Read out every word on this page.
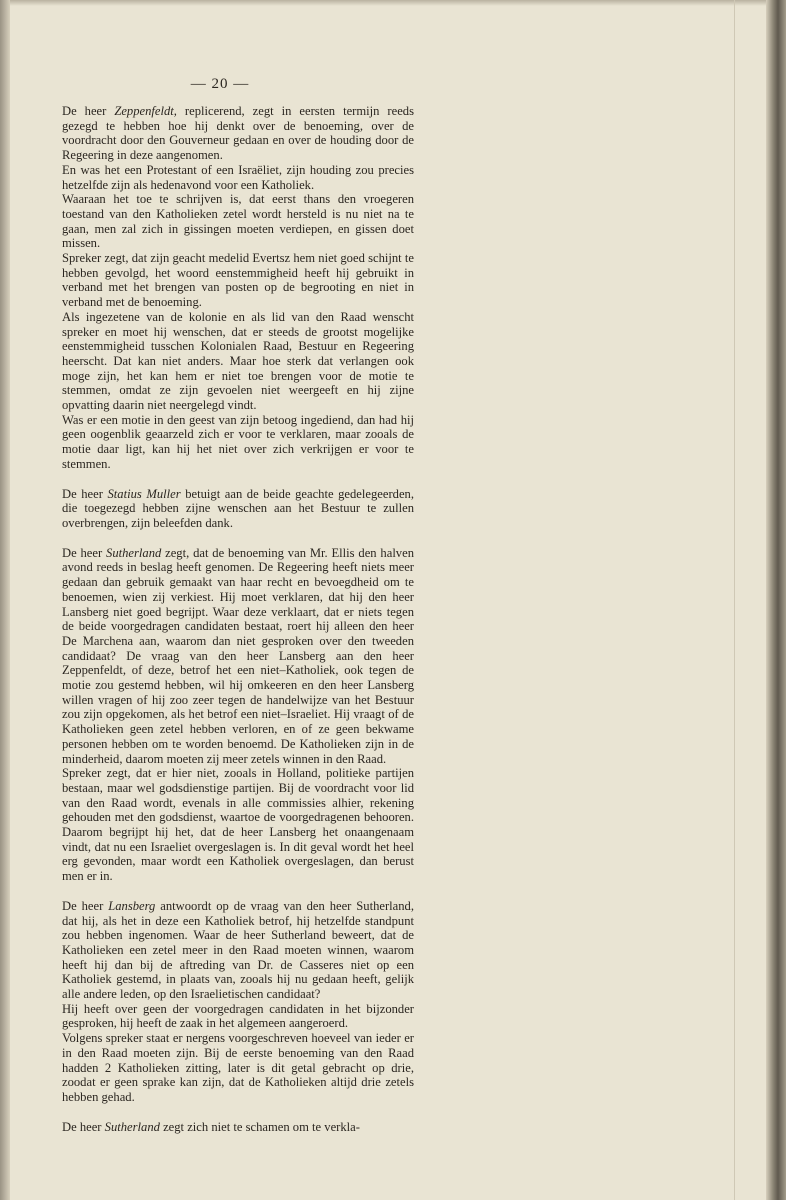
— 20 —

De heer Zeppenfeldt, replicerend, zegt in eersten termijn reeds gezegd te hebben hoe hij denkt over de benoeming, over de voordracht door den Gouverneur gedaan en over de houding door de Regeering in deze aangenomen.

En was het een Protestant of een Israëliet, zijn houding zou precies hetzelfde zijn als hedenavond voor een Katholiek.

Waaraan het toe te schrijven is, dat eerst thans den vroegeren toestand van den Katholieken zetel wordt hersteld is nu niet na te gaan, men zal zich in gissingen moeten verdiepen, en gissen doet missen.

Spreker zegt, dat zijn geacht medelid Evertsz hem niet goed schijnt te hebben gevolgd, het woord eenstemmigheid heeft hij gebruikt in verband met het brengen van posten op de begrooting en niet in verband met de benoeming.

Als ingezetene van de kolonie en als lid van den Raad wenscht spreker en moet hij wenschen, dat er steeds de grootst mogelijke eenstemmigheid tusschen Kolonialen Raad, Bestuur en Regeering heerscht. Dat kan niet anders. Maar hoe sterk dat verlangen ook moge zijn, het kan hem er niet toe brengen voor de motie te stemmen, omdat ze zijn gevoelen niet weergeeft en hij zijne opvatting daarin niet neergelegd vindt.

Was er een motie in den geest van zijn betoog ingediend, dan had hij geen oogenblik geaarzeld zich er voor te verklaren, maar zooals de motie daar ligt, kan hij het niet over zich verkrijgen er voor te stemmen.

De heer Statius Muller betuigt aan de beide geachte gedelegeerden, die toegezegd hebben zijne wenschen aan het Bestuur te zullen overbrengen, zijn beleefden dank.

De heer Sutherland zegt, dat de benoeming van Mr. Ellis den halven avond reeds in beslag heeft genomen. De Regeering heeft niets meer gedaan dan gebruik gemaakt van haar recht en bevoegdheid om te benoemen, wien zij verkiest. Hij moet verklaren, dat hij den heer Lansberg niet goed begrijpt. Waar deze verklaart, dat er niets tegen de beide voorgedragen candidaten bestaat, roert hij alleen den heer De Marchena aan, waarom dan niet gesproken over den tweeden candidaat? De vraag van den heer Lansberg aan den heer Zeppenfeldt, of deze, betrof het een niet–Katholiek, ook tegen de motie zou gestemd hebben, wil hij omkeeren en den heer Lansberg willen vragen of hij zoo zeer tegen de handelwijze van het Bestuur zou zijn opgekomen, als het betrof een niet–Israeliet. Hij vraagt of de Katholieken geen zetel hebben verloren, en of ze geen bekwame personen hebben om te worden benoemd. De Katholieken zijn in de minderheid, daarom moeten zij meer zetels winnen in den Raad.

Spreker zegt, dat er hier niet, zooals in Holland, politieke partijen bestaan, maar wel godsdienstige partijen. Bij de voordracht voor lid van den Raad wordt, evenals in alle commissies alhier, rekening gehouden met den godsdienst, waartoe de voorgedragenen behooren. Daarom begrijpt hij het, dat de heer Lansberg het onaangenaam vindt, dat nu een Israeliet overgeslagen is. In dit geval wordt het heel erg gevonden, maar wordt een Katholiek overgeslagen, dan berust men er in.

De heer Lansberg antwoordt op de vraag van den heer Sutherland, dat hij, als het in deze een Katholiek betrof, hij hetzelfde standpunt zou hebben ingenomen. Waar de heer Sutherland beweert, dat de Katholieken een zetel meer in den Raad moeten winnen, waarom heeft hij dan bij de aftreding van Dr. de Casseres niet op een Katholiek gestemd, in plaats van, zooals hij nu gedaan heeft, gelijk alle andere leden, op den Israelietischen candidaat?

Hij heeft over geen der voorgedragen candidaten in het bijzonder gesproken, hij heeft de zaak in het algemeen aangeroerd.

Volgens spreker staat er nergens voorgeschreven hoeveel van ieder er in den Raad moeten zijn. Bij de eerste benoeming van den Raad hadden 2 Katholieken zitting, later is dit getal gebracht op drie, zoodat er geen sprake kan zijn, dat de Katholieken altijd drie zetels hebben gehad.

De heer Sutherland zegt zich niet te schamen om te verkla-
